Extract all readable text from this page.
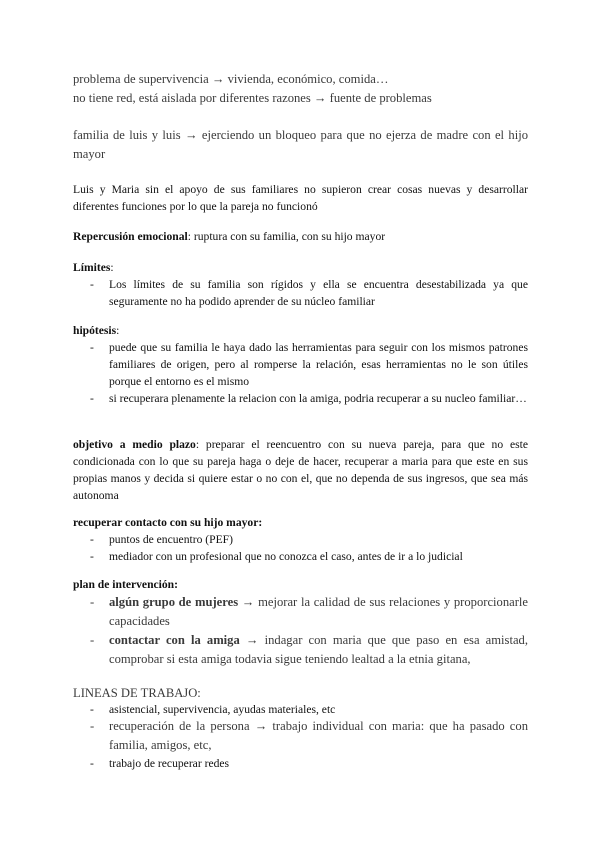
problema de supervivencia → vivienda, económico, comida…
no tiene red, está aislada por diferentes razones → fuente de problemas
familia de luis y luis → ejerciendo un bloqueo para que no ejerza de madre con el hijo mayor
Luis y Maria sin el apoyo de sus familiares no supieron crear cosas nuevas y desarrollar diferentes funciones por lo que la pareja no funcionó
Repercusión emocional: ruptura con su familia, con su hijo mayor
Límites:
- Los límites de su familia son rígidos y ella se encuentra desestabilizada ya que seguramente no ha podido aprender de su núcleo familiar
hipótesis:
- puede que su familia le haya dado las herramientas para seguir con los mismos patrones familiares de origen, pero al romperse la relación, esas herramientas no le son útiles porque el entorno es el mismo
- si recuperara plenamente la relacion con la amiga, podria recuperar a su nucleo familiar…
objetivo a medio plazo: preparar el reencuentro con su nueva pareja, para que no este condicionada con lo que su pareja haga o deje de hacer, recuperar a maria para que este en sus propias manos y decida si quiere estar o no con el, que no dependa de sus ingresos, que sea más autonoma
recuperar contacto con su hijo mayor:
- puntos de encuentro (PEF)
- mediador con un profesional que no conozca el caso, antes de ir a lo judicial
plan de intervención:
- algún grupo de mujeres → mejorar la calidad de sus relaciones y proporcionarle capacidades
- contactar con la amiga → indagar con maria que que paso en esa amistad, comprobar si esta amiga todavia sigue teniendo lealtad a la etnia gitana,
LINEAS DE TRABAJO:
- asistencial, supervivencia, ayudas materiales, etc
- recuperación de la persona → trabajo individual con maria: que ha pasado con familia, amigos, etc,
- trabajo de recuperar redes
